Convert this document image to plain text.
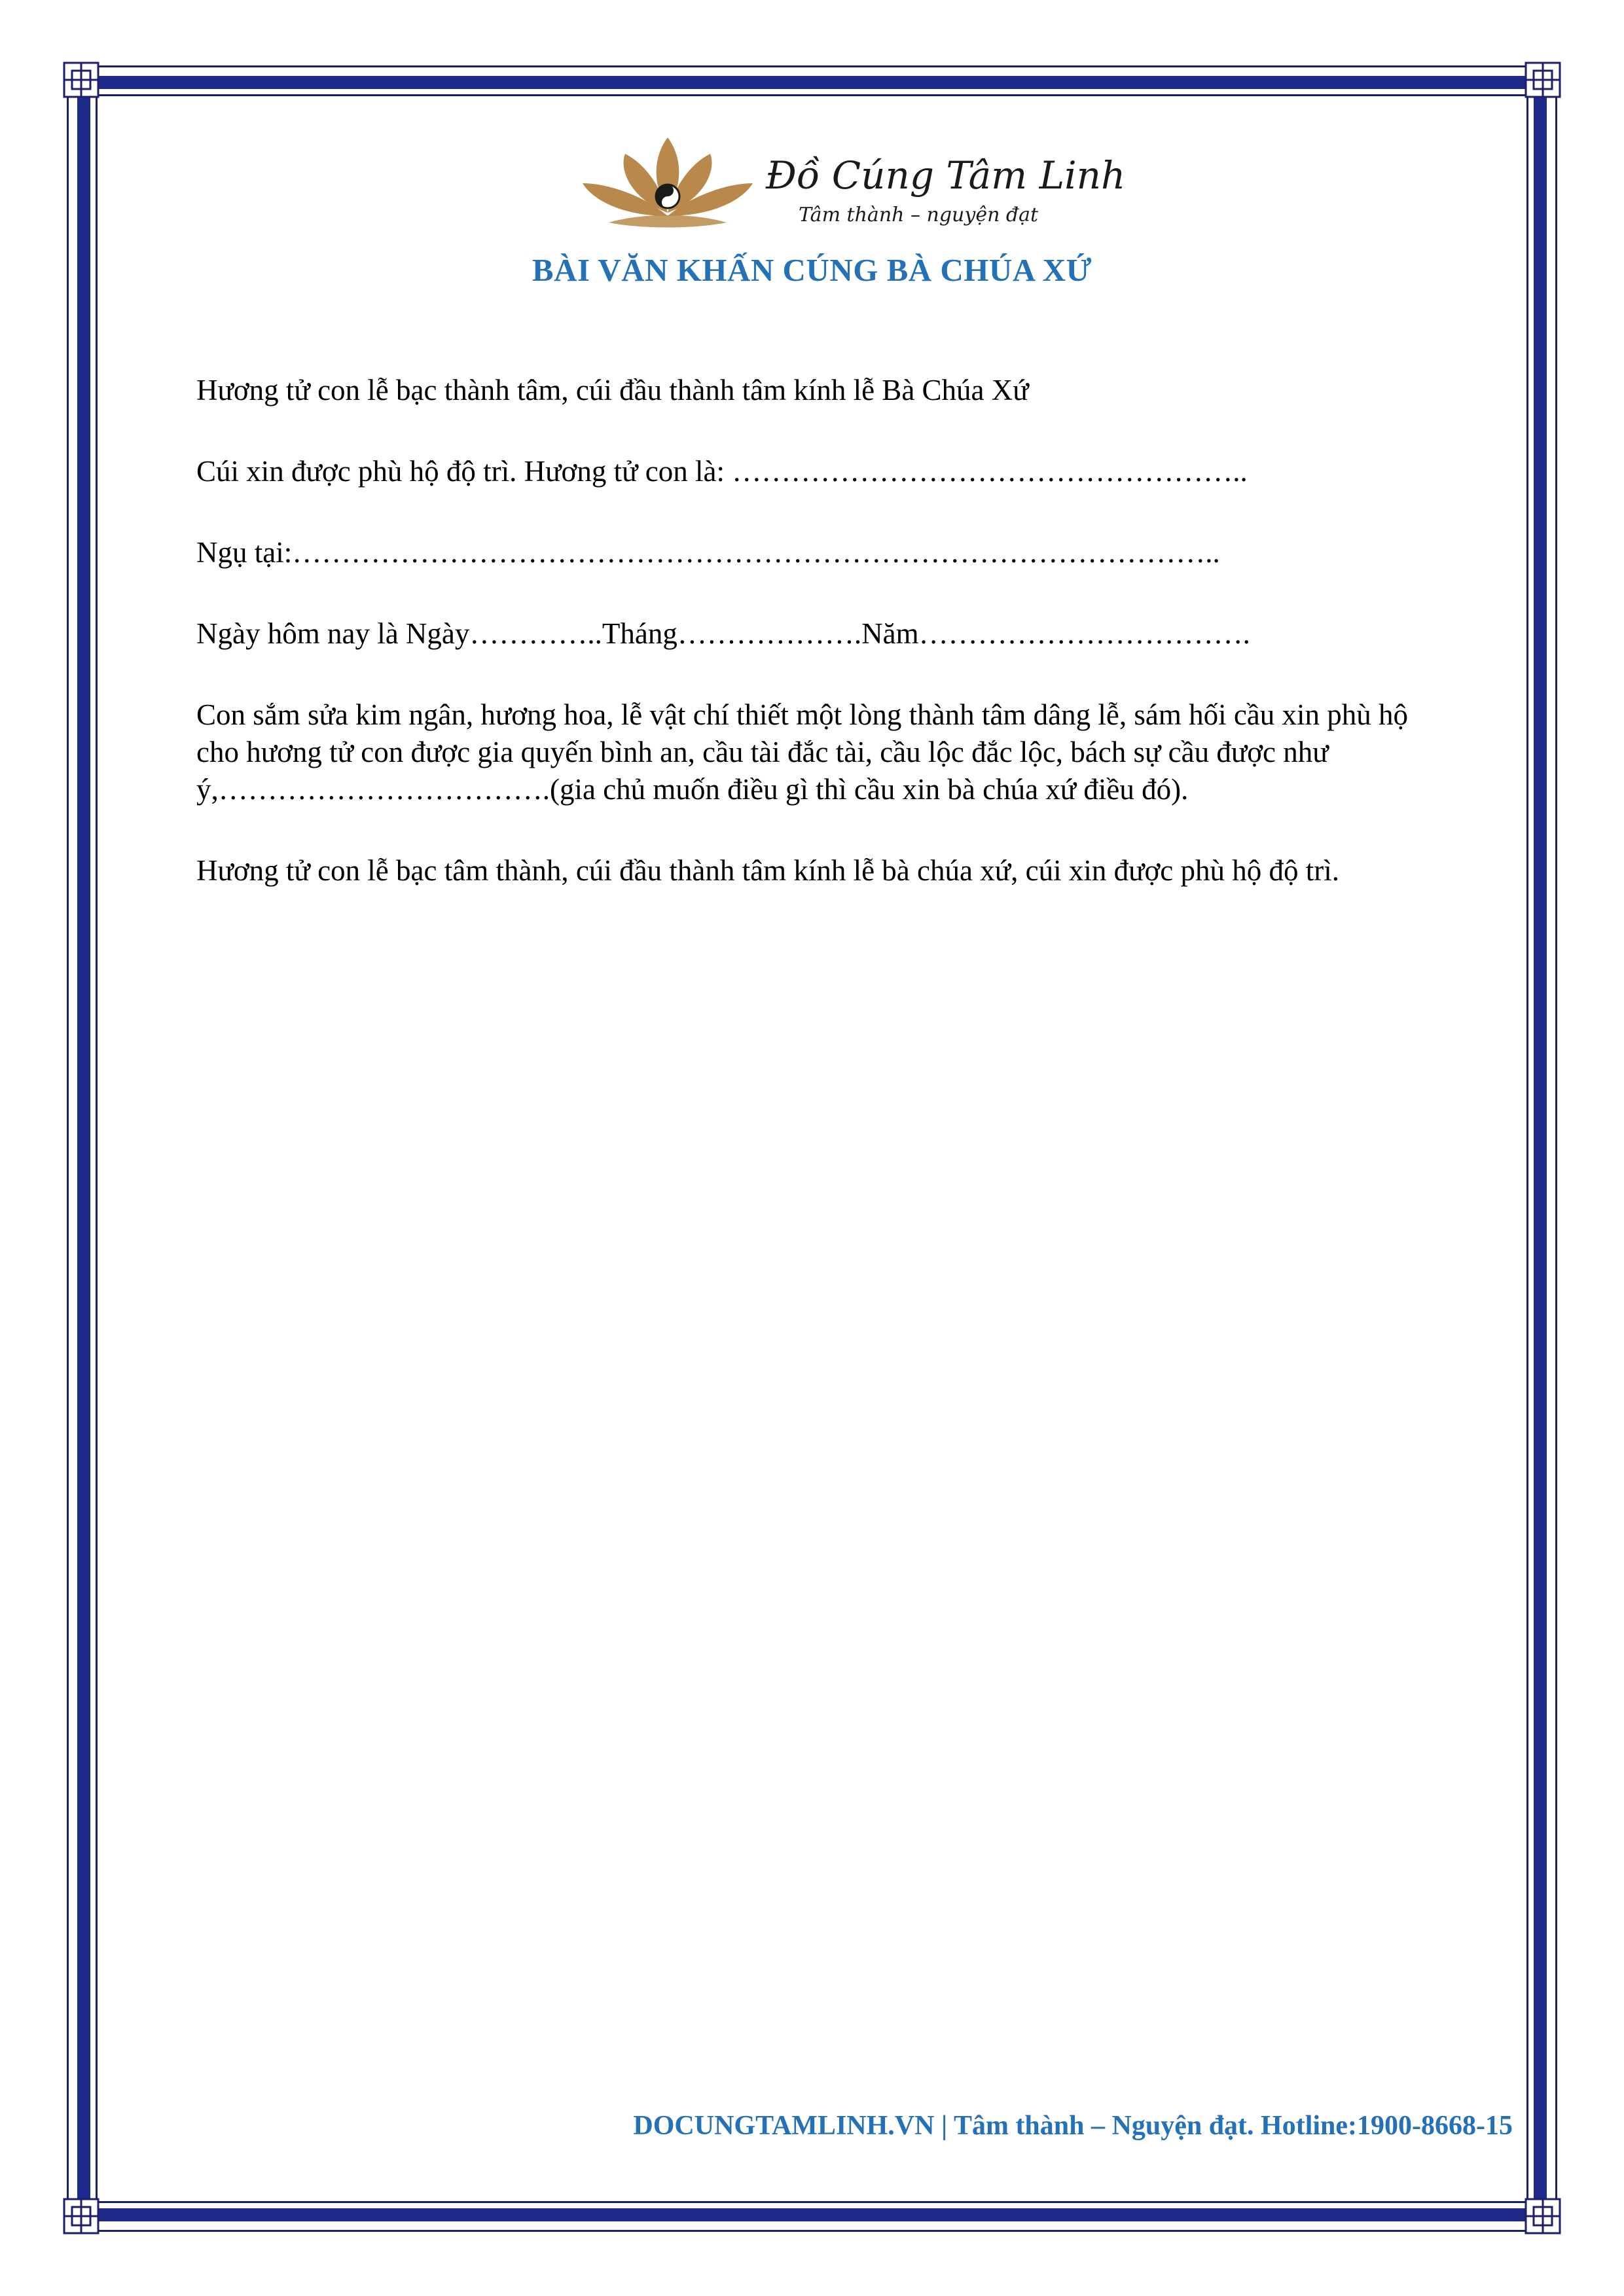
Đồ Cúng Tâm Linh
Tâm thành – nguyện đạt
BÀI VĂN KHẤN CÚNG BÀ CHÚA XỨ

Hương tử con lễ bạc thành tâm, cúi đầu thành tâm kính lễ Bà Chúa Xứ

Cúi xin được phù hộ độ trì. Hương tử con là: ……………………………………………..

Ngụ tại:…………………………………………………………………………………..

Ngày hôm nay là Ngày…………..Tháng……………….Năm…………………………….

Con sắm sửa kim ngân, hương hoa, lễ vật chí thiết một lòng thành tâm dâng lễ, sám hối cầu xin phù hộ cho hương tử con được gia quyến bình an, cầu tài đắc tài, cầu lộc đắc lộc, bách sự cầu được như ý,…………………………….(gia chủ muốn điều gì thì cầu xin bà chúa xứ điều đó).

Hương tử con lễ bạc tâm thành, cúi đầu thành tâm kính lễ bà chúa xứ, cúi xin được phù hộ độ trì.

DOCUNGTAMLINH.VN | Tâm thành – Nguyện đạt. Hotline:1900-8668-15
